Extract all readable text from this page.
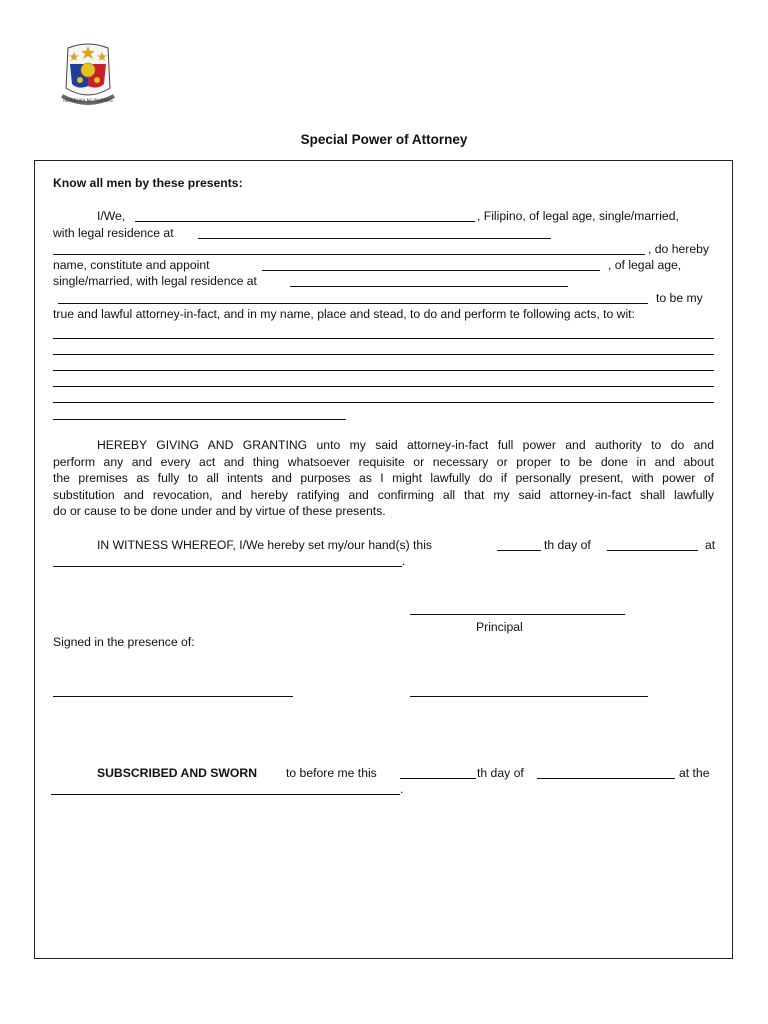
REPUBLIKA NG PILIPINAS
Special Power of Attorney
Know all men by these presents:
I/We,	, Filipino, of legal age, single/married,
with legal residence at
, do hereby
name, constitute and appoint	, of legal age,
single/married, with legal residence at
to be my
true and lawful attorney-in-fact, and in my name, place and stead, to do and perform te following acts, to wit:
HEREBY GIVING AND GRANTING unto my said attorney-in-fact full power and authority to do and
perform any and every act and thing whatsoever requisite or necessary or proper to be done in and about
the premises as fully to all intents and purposes as I might lawfully do if personally present, with power of
substitution and revocation, and hereby ratifying and confirming all that my said attorney-in-fact shall lawfully
do or cause to be done under and by virtue of these presents.
IN WITNESS WHEREOF, I/We hereby set my/our hand(s) this	th day of	at
.
Principal
Signed in the presence of:
SUBSCRIBED AND SWORN to before me this	th day of	at the
.
